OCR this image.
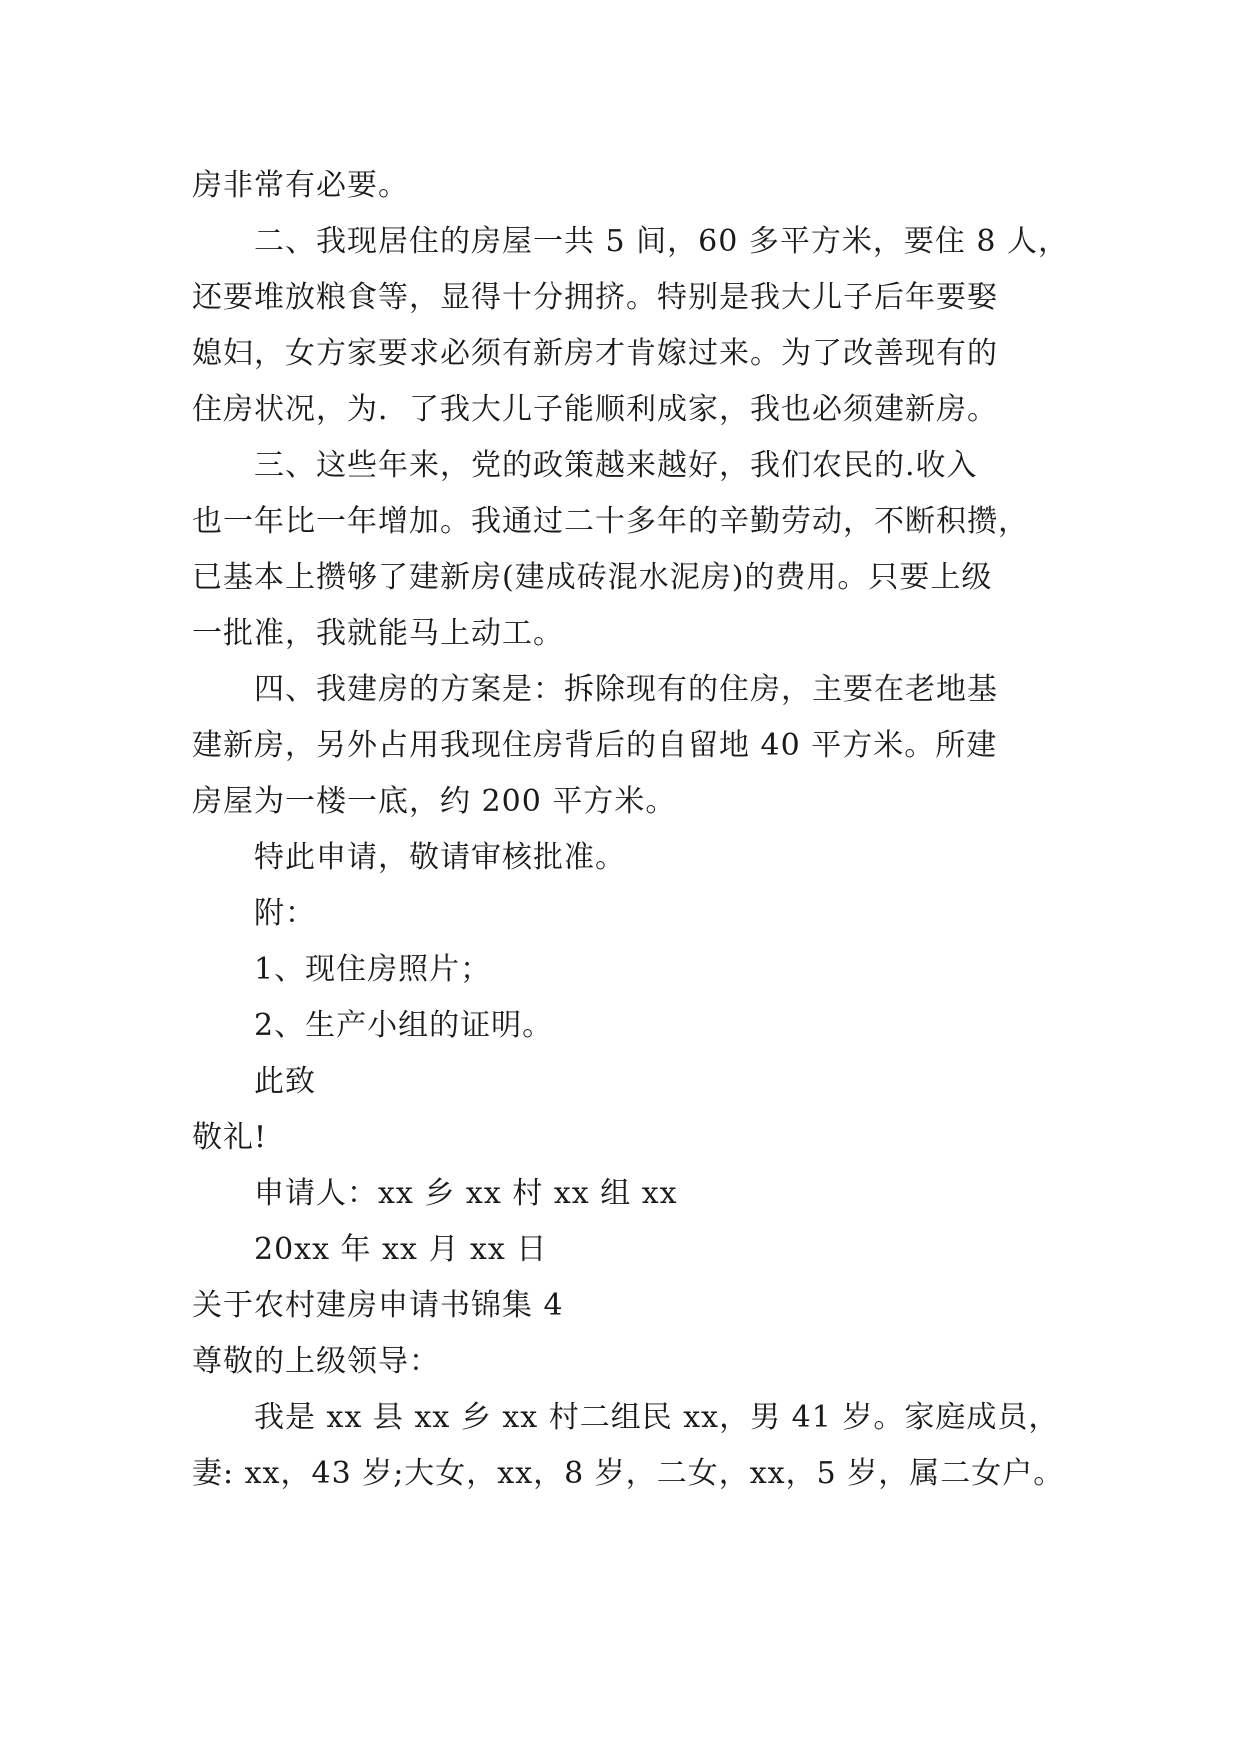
房非常有必要。
二、我现居住的房屋一共 5 间，60 多平方米，要住 8 人，
还要堆放粮食等，显得十分拥挤。特别是我大儿子后年要娶
媳妇，女方家要求必须有新房才肯嫁过来。为了改善现有的
住房状况，为．了我大儿子能顺利成家，我也必须建新房。
三、这些年来，党的政策越来越好，我们农民的.收入
也一年比一年增加。我通过二十多年的辛勤劳动，不断积攒，
已基本上攒够了建新房(建成砖混水泥房)的费用。只要上级
一批准，我就能马上动工。
四、我建房的方案是：拆除现有的住房，主要在老地基
建新房，另外占用我现住房背后的自留地 40 平方米。所建
房屋为一楼一底，约 200 平方米。
特此申请，敬请审核批准。
附：
1、现住房照片；
2、生产小组的证明。
此致
敬礼!
申请人：xx 乡 xx 村 xx 组 xx
20xx 年 xx 月 xx 日
关于农村建房申请书锦集 4
尊敬的上级领导：
我是 xx 县 xx 乡 xx 村二组民 xx，男 41 岁。家庭成员，
妻: xx，43 岁;大女，xx，8 岁，二女，xx，5 岁，属二女户。
